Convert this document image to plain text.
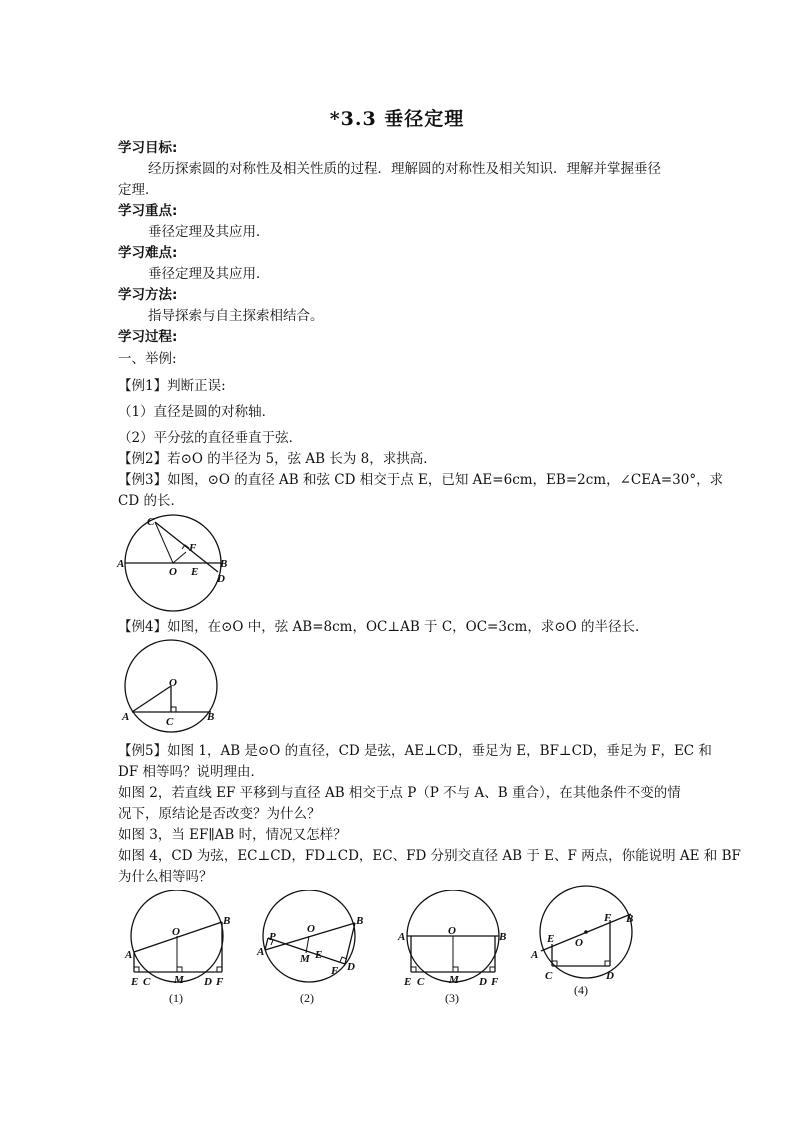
*3.3 垂径定理
学习目标:
经历探索圆的对称性及相关性质的过程．理解圆的对称性及相关知识．理解并掌握垂径
定理．
学习重点:
垂径定理及其应用．
学习难点:
垂径定理及其应用．
学习方法:
指导探索与自主探索相结合。
学习过程:
一、举例:
【例1】判断正误:
（1）直径是圆的对称轴．
（2）平分弦的直径垂直于弦．
【例2】若⊙O 的半径为 5，弦 AB 长为 8，求拱高．
【例3】如图，⊙O 的直径 AB 和弦 CD 相交于点 E，已知 AE=6cm，EB=2cm，∠CEA=30°，求
CD 的长．
C
F
A
O E
B
D
【例4】如图，在⊙O 中，弦 AB=8cm，OC⊥AB 于 C，OC=3cm，求⊙O 的半径长．
O
A	C	B
【例5】如图 1，AB 是⊙O 的直径，CD 是弦，AE⊥CD，垂足为 E，BF⊥CD，垂足为 F，EC 和
DF 相等吗？说明理由．
如图 2，若直线 EF 平移到与直径 AB 相交于点 P（P 不与 A、B 重合），在其他条件不变的情
况下，原结论是否改变？为什么？
如图 3，当 EF∥AB 时，情况又怎样？
如图 4，CD 为弦，EC⊥CD，FD⊥CD，EC、FD 分别交直径 AB 于 E、F 两点，你能说明 AE 和 BF
为什么相等吗？
B
O
A
E C M D F
(1)
B
P
O
A
M E
F D
(2)
A	O	B
E C M D F
(3)
B
F
E O
A
C	D
(4)
